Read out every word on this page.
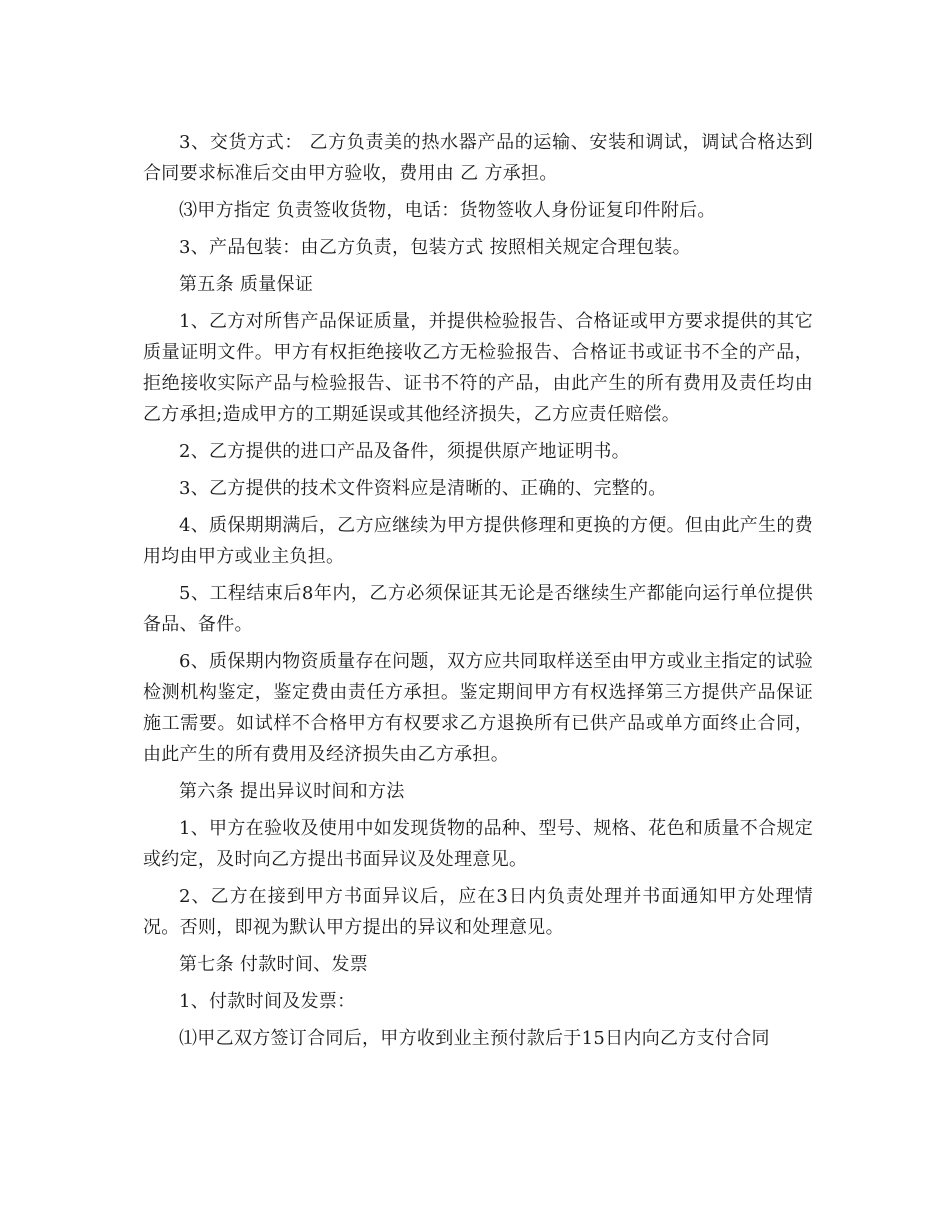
3、交货方式： 乙方负责美的热水器产品的运输、安装和调试，调试合格达到合同要求标准后交由甲方验收，费用由 乙 方承担。

⑶甲方指定 负责签收货物，电话：货物签收人身份证复印件附后。

3、产品包装：由乙方负责，包装方式 按照相关规定合理包装。

第五条 质量保证

1、乙方对所售产品保证质量，并提供检验报告、合格证或甲方要求提供的其它质量证明文件。甲方有权拒绝接收乙方无检验报告、合格证书或证书不全的产品，拒绝接收实际产品与检验报告、证书不符的产品，由此产生的所有费用及责任均由乙方承担;造成甲方的工期延误或其他经济损失，乙方应责任赔偿。

2、乙方提供的进口产品及备件，须提供原产地证明书。

3、乙方提供的技术文件资料应是清晰的、正确的、完整的。

4、质保期期满后，乙方应继续为甲方提供修理和更换的方便。但由此产生的费用均由甲方或业主负担。

5、工程结束后8年内，乙方必须保证其无论是否继续生产都能向运行单位提供备品、备件。

6、质保期内物资质量存在问题，双方应共同取样送至由甲方或业主指定的试验检测机构鉴定，鉴定费由责任方承担。鉴定期间甲方有权选择第三方提供产品保证施工需要。如试样不合格甲方有权要求乙方退换所有已供产品或单方面终止合同，由此产生的所有费用及经济损失由乙方承担。

第六条 提出异议时间和方法

1、甲方在验收及使用中如发现货物的品种、型号、规格、花色和质量不合规定或约定，及时向乙方提出书面异议及处理意见。

2、乙方在接到甲方书面异议后，应在3日内负责处理并书面通知甲方处理情况。否则，即视为默认甲方提出的异议和处理意见。

第七条 付款时间、发票

1、付款时间及发票：

⑴甲乙双方签订合同后，甲方收到业主预付款后于15日内向乙方支付合同
